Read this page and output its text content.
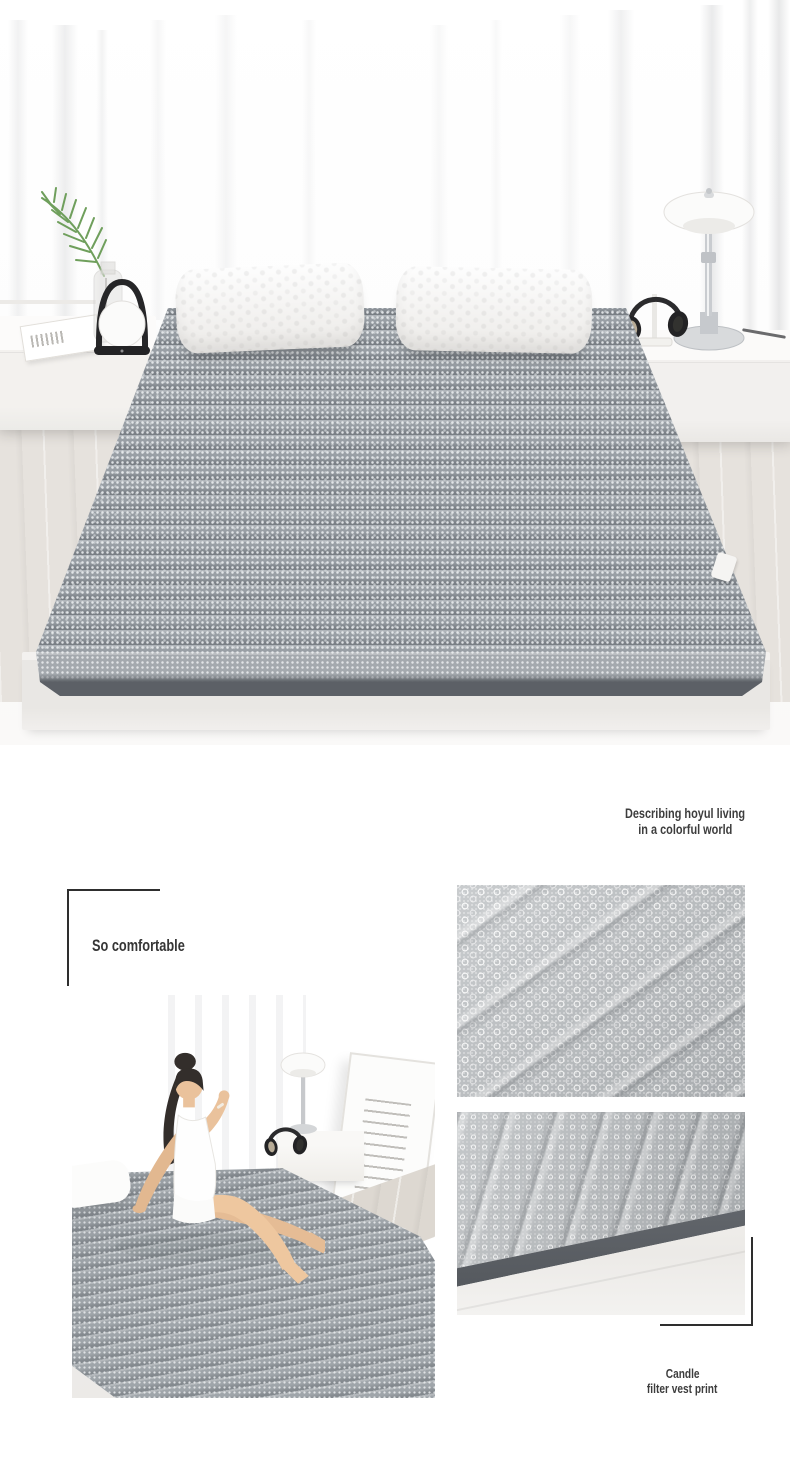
Describing hoyul living
in a colorful world
So comfortable
Candle
filter vest print
